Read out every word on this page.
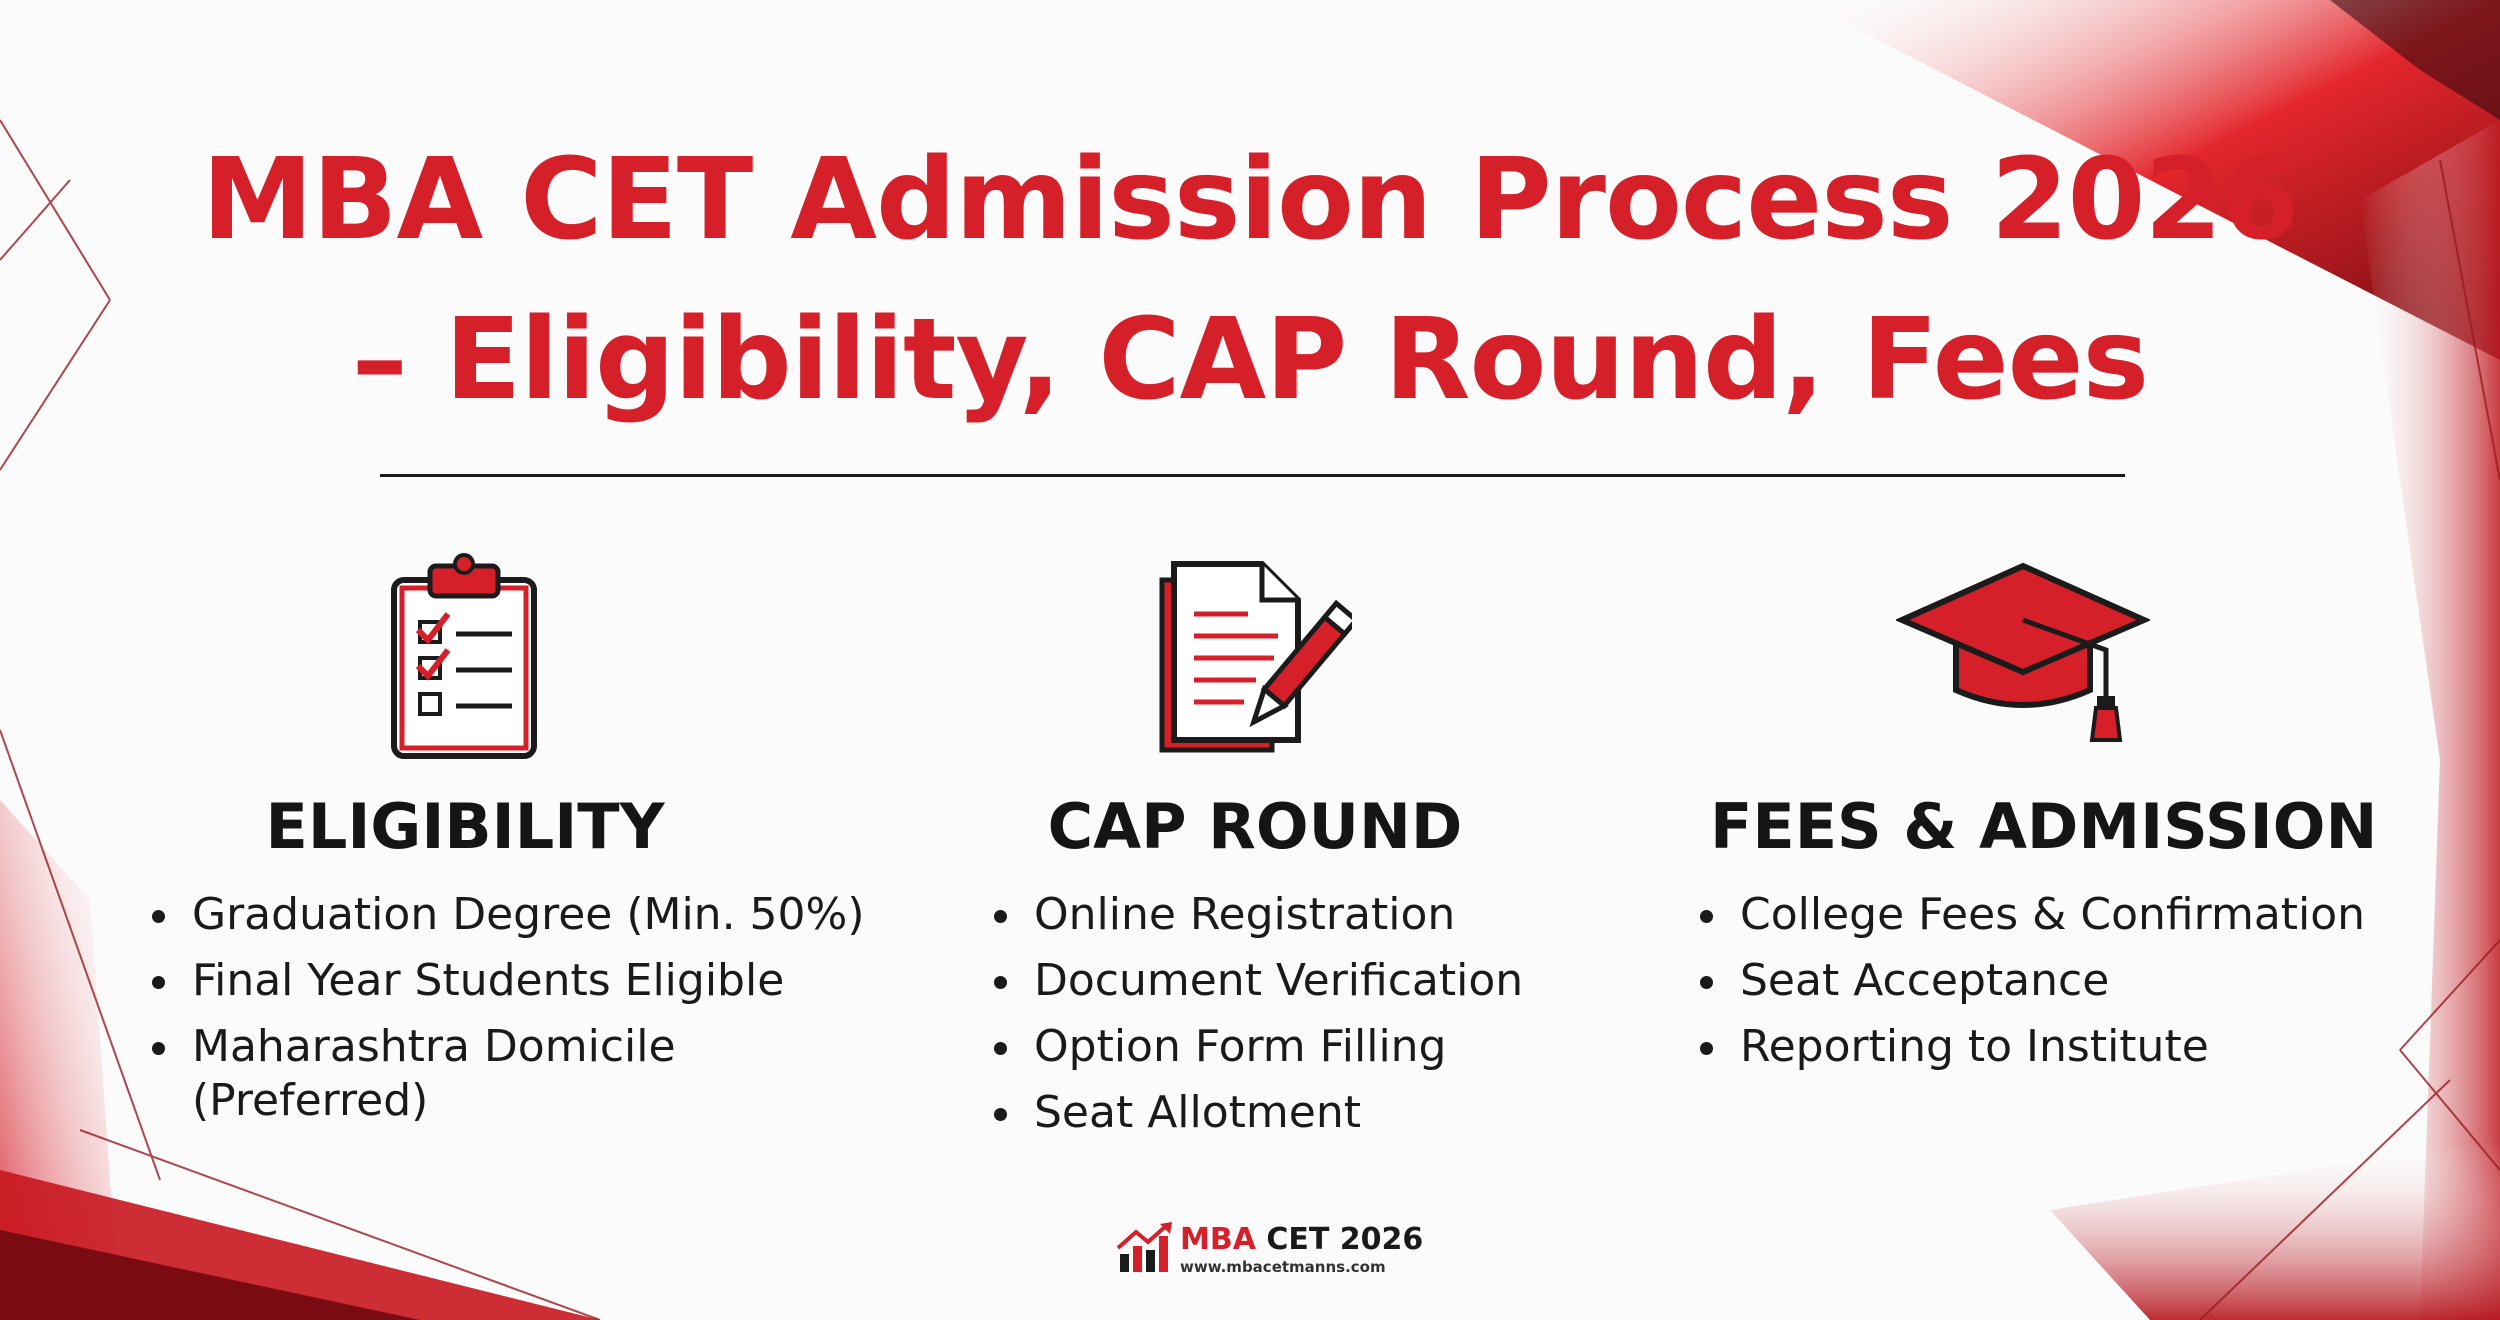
MBA CET Admission Process 2026
– Eligibility, CAP Round, Fees
ELIGIBILITY
Graduation Degree (Min. 50%)
Final Year Students Eligible
Maharashtra Domicile
(Preferred)
CAP ROUND
Online Registration
Document Verification
Option Form Filling
Seat Allotment
FEES & ADMISSION
College Fees & Confirmation
Seat Acceptance
Reporting to Institute
MBA CET 2026
www.mbacetmanns.com
